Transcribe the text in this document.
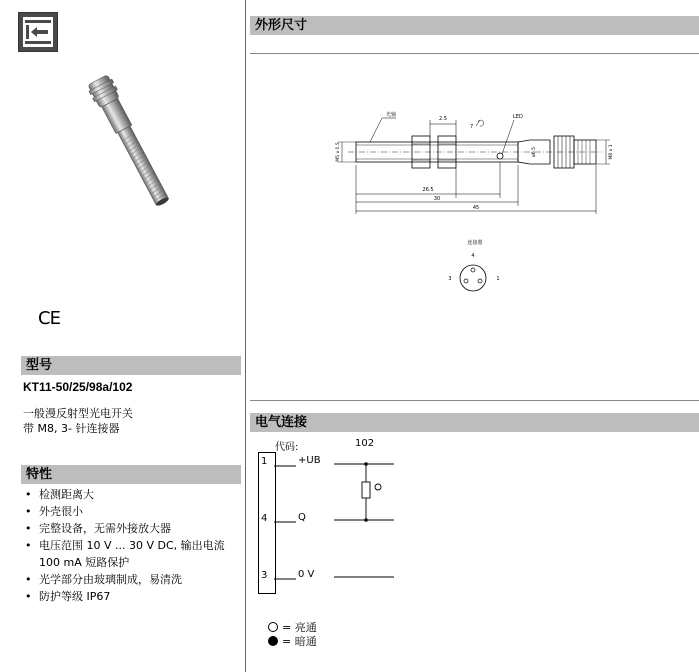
CE
型号
KT11-50/25/98a/102
一般漫反射型光电开关
带 M8, 3- 针连接器
特性
• 检测距离大
• 外壳很小
• 完整设备，无需外接放大器
• 电压范围 10 V ... 30 V DC, 输出电流 100 mA 短路保护
• 光学部分由玻璃制成，易清洗
• 防护等级 IP67
外形尺寸
光轴	LED
2.5
7
M5 x 0.5	ø6.5	M8 x 1
26.5
30
45
连接器
4
3	1
电气连接
代码:	102
1
4
3
+UB
Q
0 V
= 亮通
= 暗通
